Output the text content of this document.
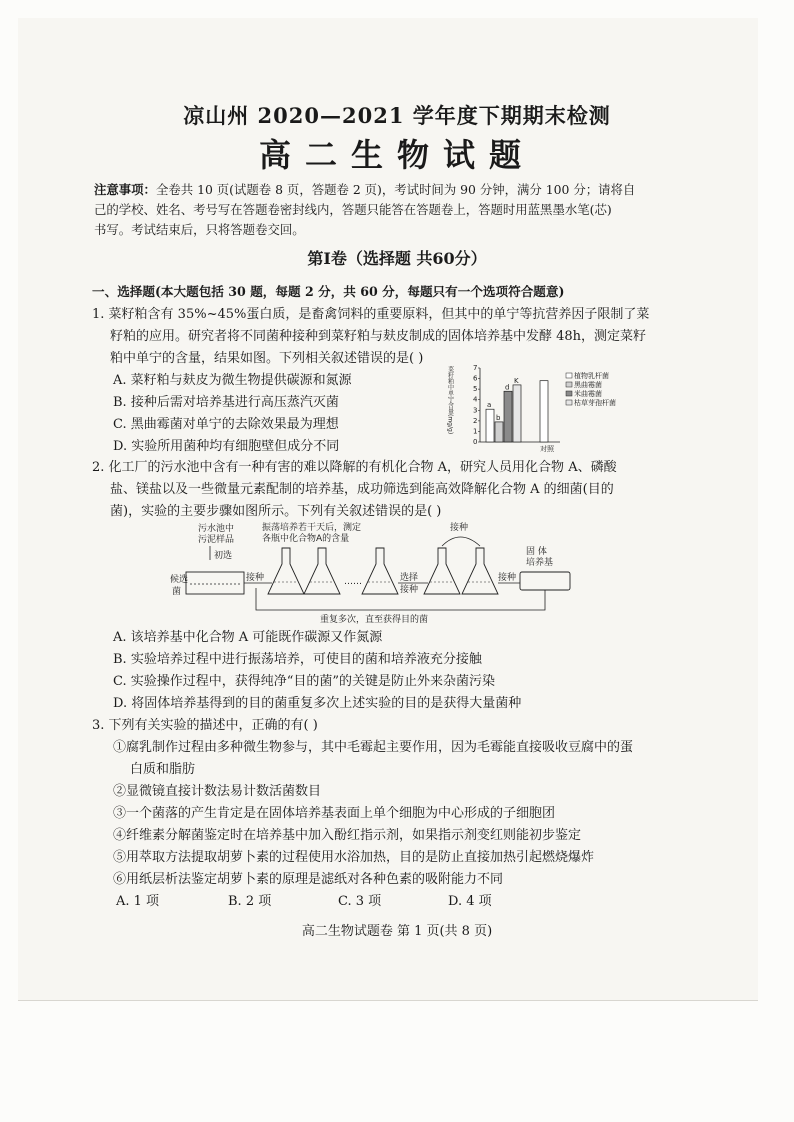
凉山州 2020—2021 学年度下期期末检测
高二生物试题
注意事项：全卷共 10 页(试题卷 8 页，答题卷 2 页)，考试时间为 90 分钟，满分 100 分；请将自
己的学校、姓名、考号写在答题卷密封线内，答题只能答在答题卷上，答题时用蓝黑墨水笔(芯)
书写。考试结束后，只将答题卷交回。
第Ⅰ卷（选择题 共60分）
一、选择题(本大题包括 30 题，每题 2 分，共 60 分，每题只有一个选项符合题意)
1. 菜籽粕含有 35%~45%蛋白质，是畜禽饲料的重要原料，但其中的单宁等抗营养因子限制了菜
籽粕的应用。研究者将不同菌种接种到菜籽粕与麸皮制成的固体培养基中发酵 48h，测定菜籽
粕中单宁的含量，结果如图。下列相关叙述错误的是( )
A. 菜籽粕与麸皮为微生物提供碳源和氮源
B. 接种后需对培养基进行高压蒸汽灭菌
C. 黑曲霉菌对单宁的去除效果最为理想
D. 实验所用菌种均有细胞壁但成分不同
菜籽粕中单宁含量(mg/g)
0
1
2
3
4
5
6
7
a
b
d
K
对照
植物乳杆菌
黑曲霉菌
米曲霉菌
枯草芽孢杆菌
2. 化工厂的污水池中含有一种有害的难以降解的有机化合物 A，研究人员用化合物 A、磷酸
盐、镁盐以及一些微量元素配制的培养基，成功筛选到能高效降解化合物 A 的细菌(目的
菌)，实验的主要步骤如图所示。下列有关叙述错误的是( )
污水池中
污泥样品
初选
候选
菌
振荡培养若干天后，测定
各瓶中化合物A的含量
接种	……	选择
接种
接种
接种
固 体
培养基
重复多次，直至获得目的菌
A. 该培养基中化合物 A 可能既作碳源又作氮源
B. 实验培养过程中进行振荡培养，可使目的菌和培养液充分接触
C. 实验操作过程中，获得纯净“目的菌”的关键是防止外来杂菌污染
D. 将固体培养基得到的目的菌重复多次上述实验的目的是获得大量菌种
3. 下列有关实验的描述中，正确的有( )
①腐乳制作过程由多种微生物参与，其中毛霉起主要作用，因为毛霉能直接吸收豆腐中的蛋
白质和脂肪
②显微镜直接计数法易计数活菌数目
③一个菌落的产生肯定是在固体培养基表面上单个细胞为中心形成的子细胞团
④纤维素分解菌鉴定时在培养基中加入酚红指示剂，如果指示剂变红则能初步鉴定
⑤用萃取方法提取胡萝卜素的过程使用水浴加热，目的是防止直接加热引起燃烧爆炸
⑥用纸层析法鉴定胡萝卜素的原理是滤纸对各种色素的吸附能力不同
A. 1 项	B. 2 项	C. 3 项	D. 4 项
高二生物试题卷 第 1 页(共 8 页)
